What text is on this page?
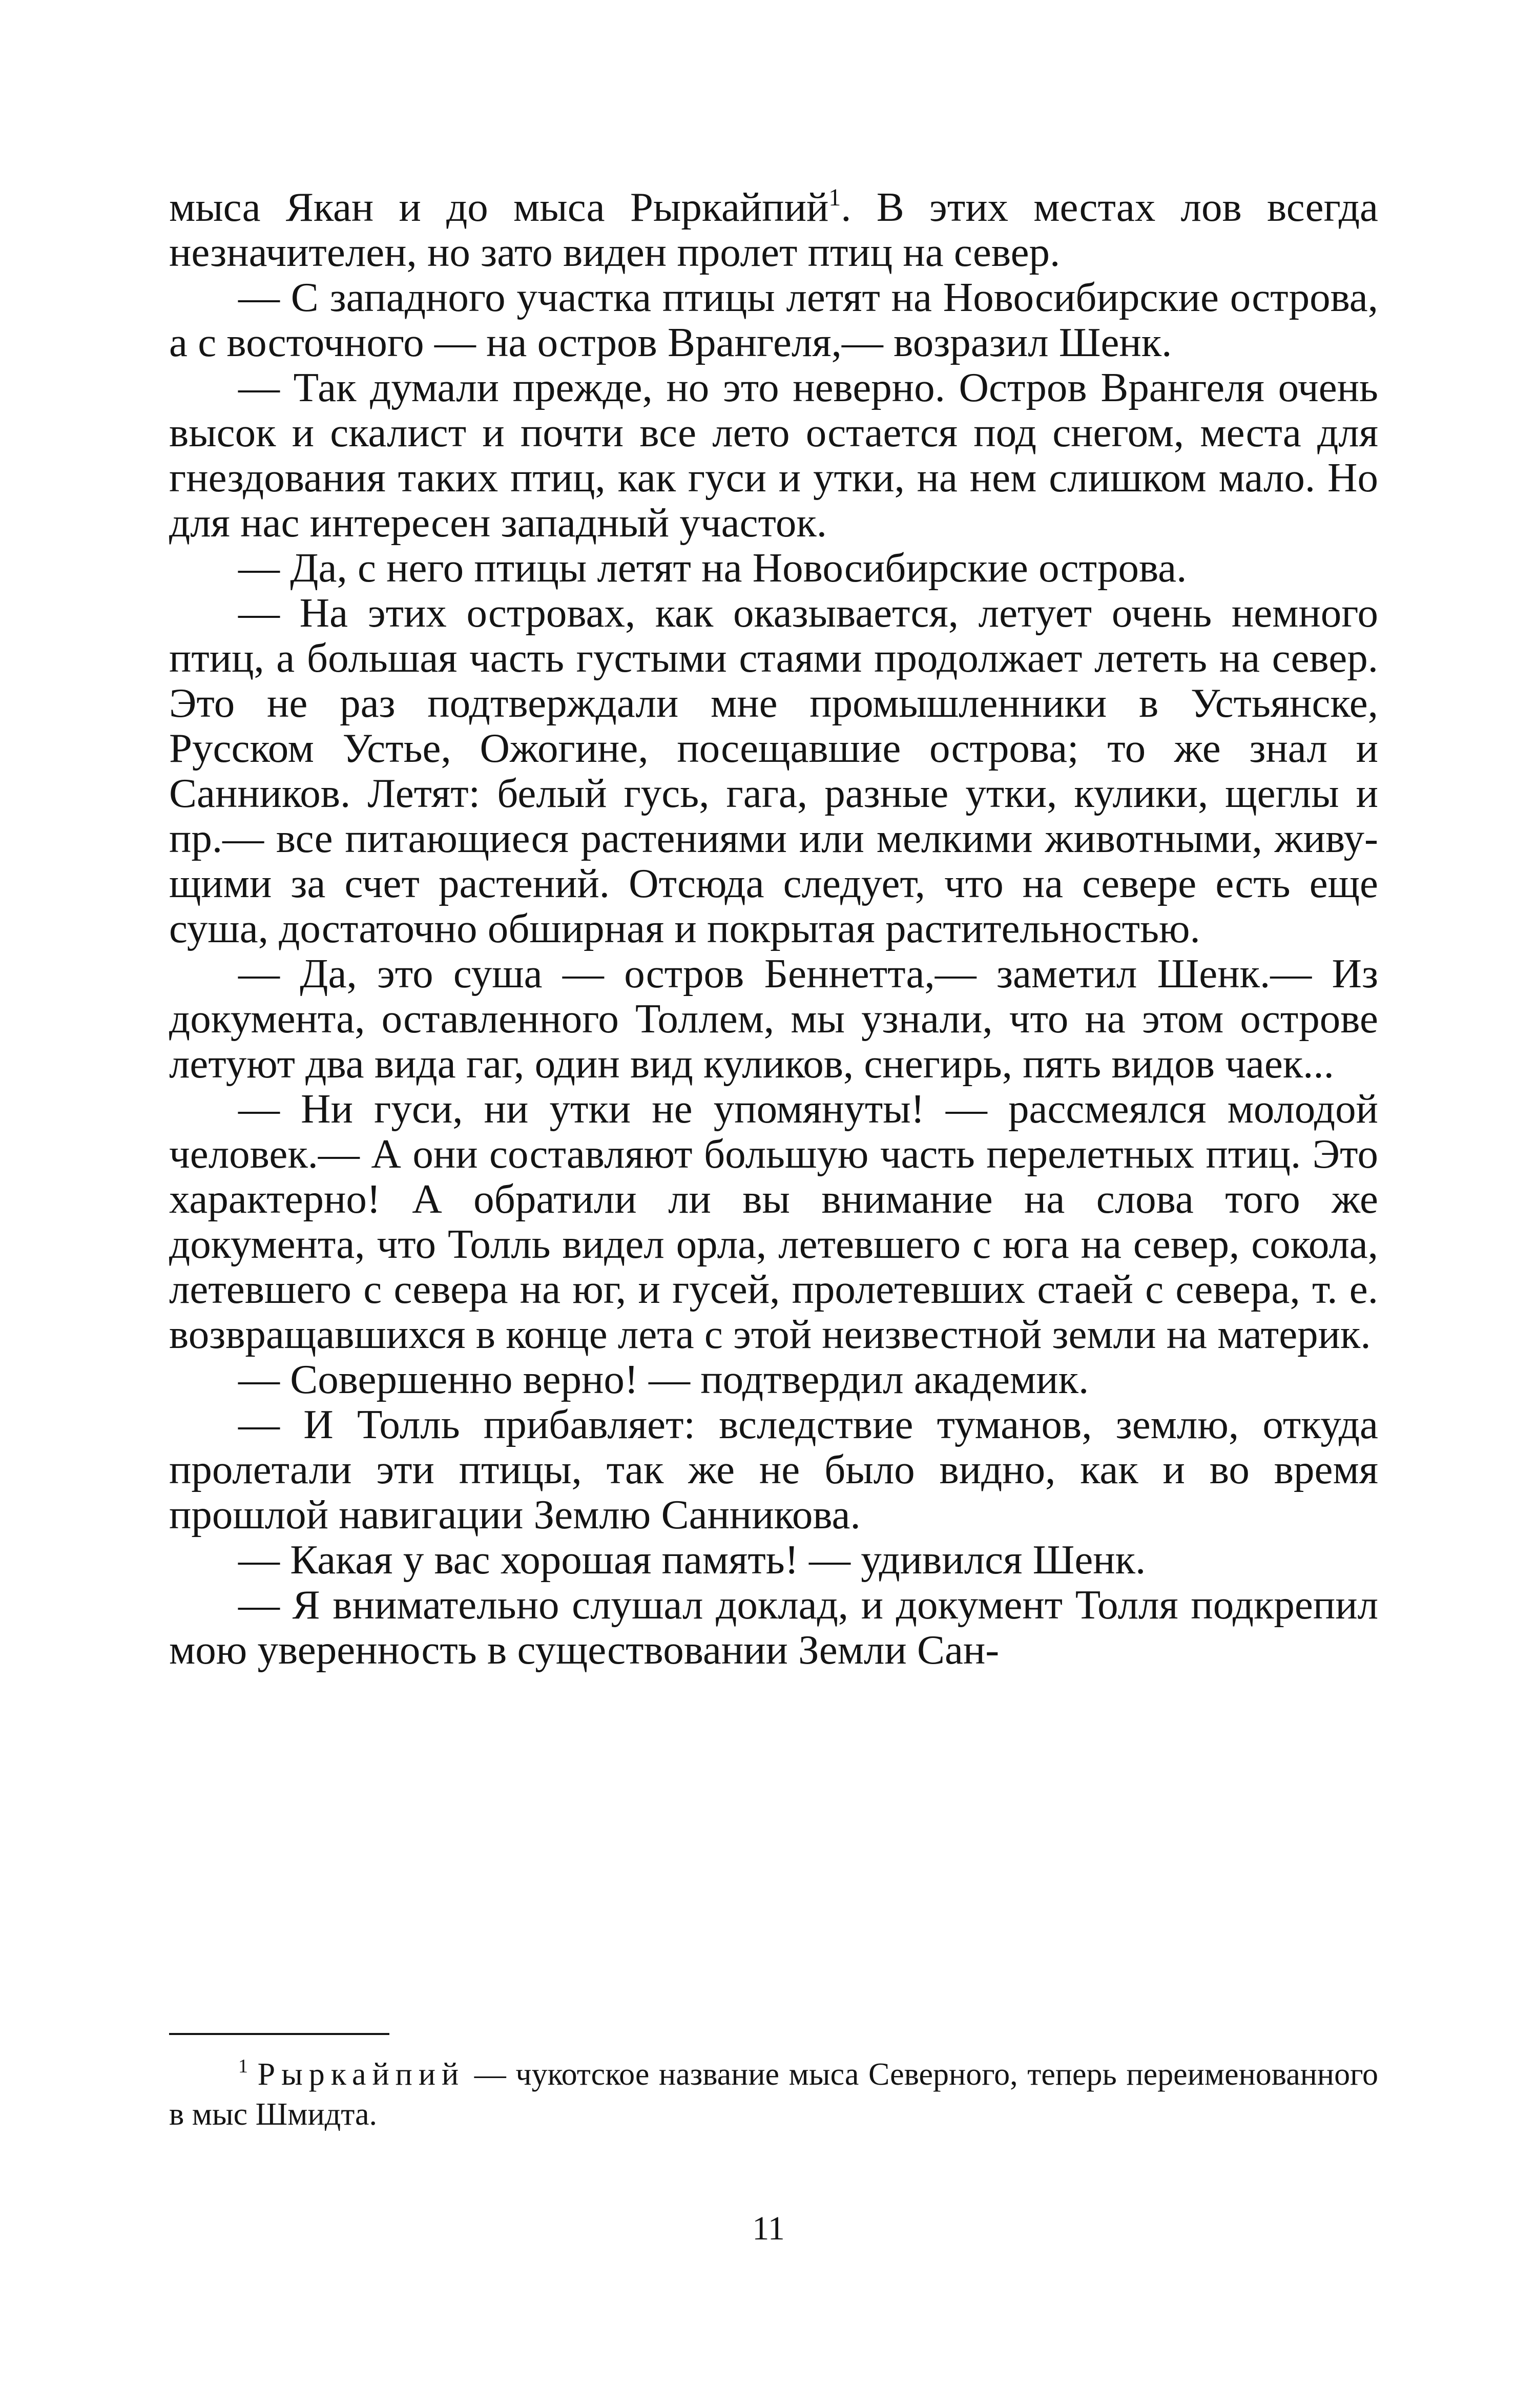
мыса Якан и до мыса Рыркайпий$^1$. В этих местах лов всегда незначителен, но зато виден пролет птиц на север.

— С западного участка птицы летят на Новосибирские острова, а с восточного — на остров Врангеля,— возразил Шенк.

— Так думали прежде, но это неверно. Остров Врангеля очень высок и скалист и почти все лето остается под снегом, места для гнездования таких птиц, как гуси и утки, на нем слишком мало. Но для нас интересен западный участок.

— Да, с него птицы летят на Новосибирские острова.

— На этих островах, как оказывается, летует очень немного птиц, а большая часть густыми стаями продолжает лететь на север. Это не раз подтверждали мне промышленники в Устьянске, Русском Устье, Ожогине, посещавшие острова; то же знал и Санников. Летят: белый гусь, гага, разные утки, кулики, щеглы и пр.— все питающиеся растениями или мелкими животными, живущими за счет растений. Отсюда следует, что на севере есть еще суша, достаточно обширная и покрытая растительностью.

— Да, это суша — остров Беннетта,— заметил Шенк.— Из документа, оставленного Толлем, мы узнали, что на этом острове летуют два вида гаг, один вид куликов, снегирь, пять видов чаек...

— Ни гуси, ни утки не упомянуты! — рассмеялся молодой человек.— А они составляют большую часть перелетных птиц. Это характерно! А обратили ли вы внимание на слова того же документа, что Толль видел орла, летевшего с юга на север, сокола, летевшего с севера на юг, и гусей, пролетевших стаей с севера, т. е. возвращавшихся в конце лета с этой неизвестной земли на материк.

— Совершенно верно! — подтвердил академик.

— И Толль прибавляет: вследствие туманов, землю, откуда пролетали эти птицы, так же не было видно, как и во время прошлой навигации Землю Санникова.

— Какая у вас хорошая память! — удивился Шенк.

— Я внимательно слушал доклад, и документ Толля подкрепил мою уверенность в существовании Земли Сан-

$^1$ Рыркайпий — чукотское название мыса Северного, теперь переименованного в мыс Шмидта.

11
